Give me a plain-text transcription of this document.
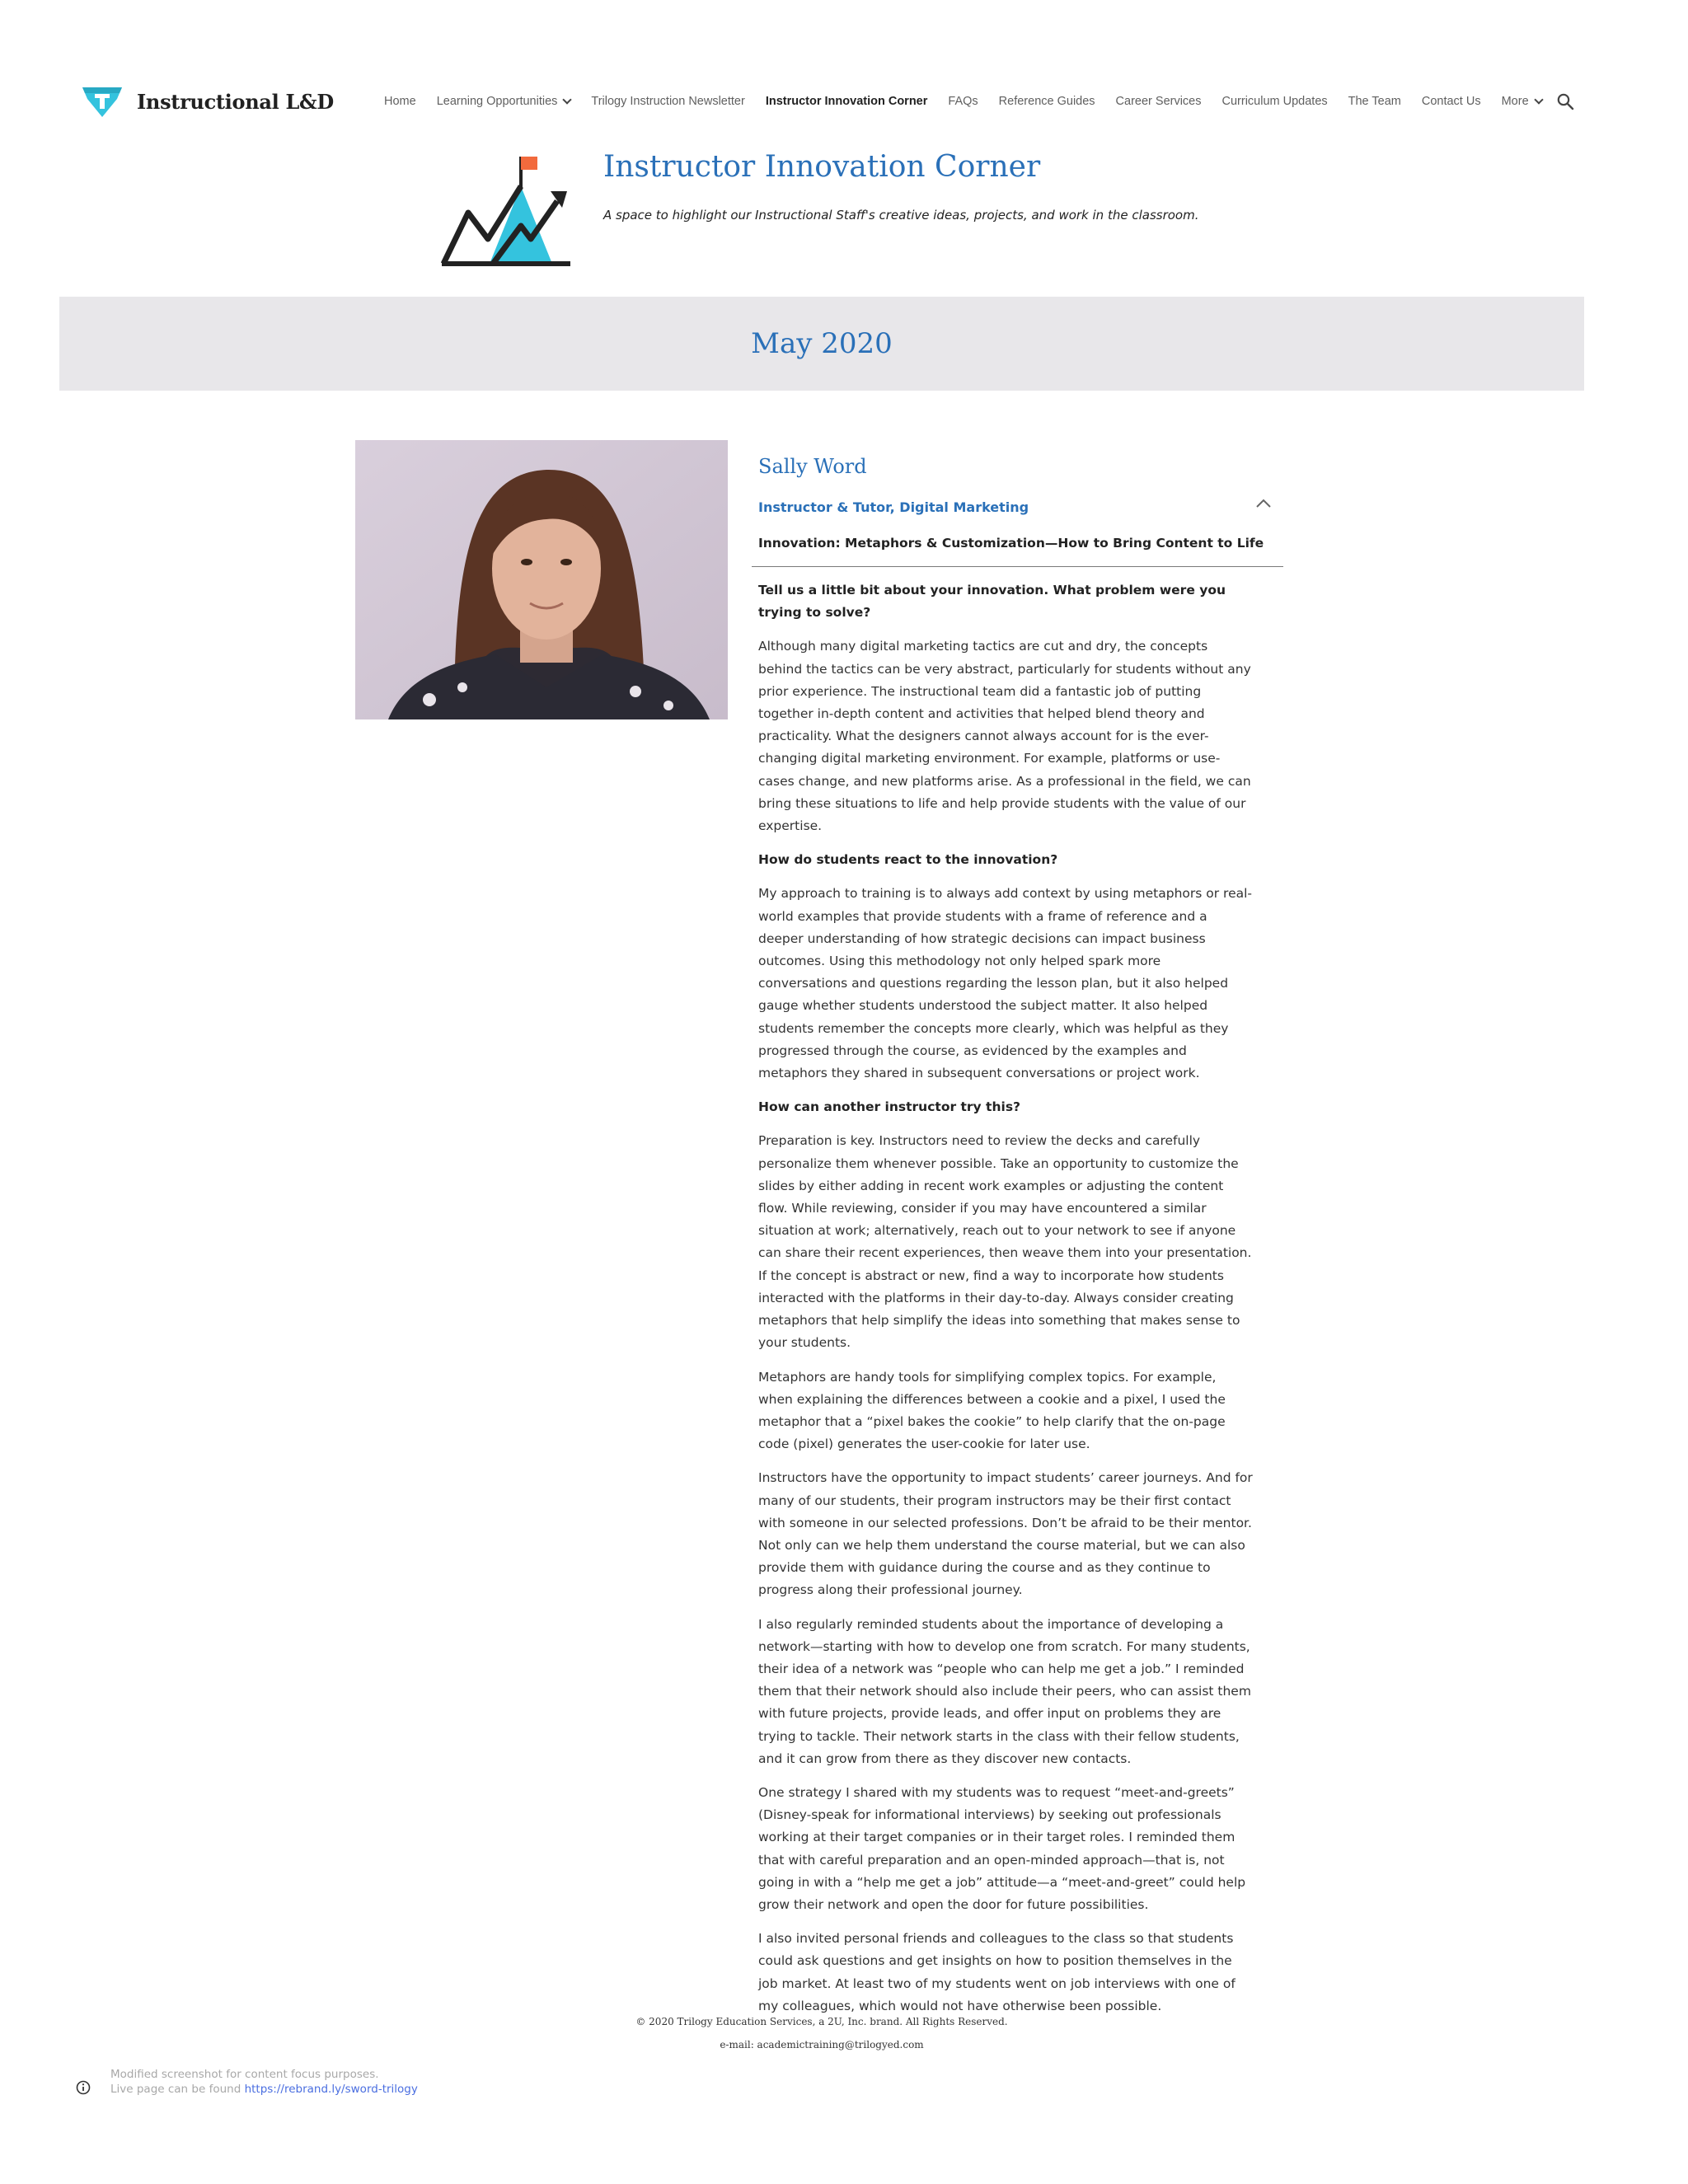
Instructional L&D	Home Learning Opportunities	Trilogy Instruction Newsletter Instructor Innovation Corner FAQs Reference Guides Career Services Curriculum Updates The Team Contact Us More
Instructor Innovation Corner
A space to highlight our Instructional Staff's creative ideas, projects, and work in the classroom.
May 2020
Sally Word
Instructor & Tutor, Digital Marketing
Innovation: Metaphors & Customization—How to Bring Content to Life
Tell us a little bit about your innovation. What problem were you trying to solve?
Although many digital marketing tactics are cut and dry, the concepts behind the tactics can be very abstract, particularly for students without any prior experience. The instructional team did a fantastic job of putting together in-depth content and activities that helped blend theory and practicality. What the designers cannot always account for is the ever-changing digital marketing environment. For example, platforms or use-cases change, and new platforms arise. As a professional in the field, we can bring these situations to life and help provide students with the value of our expertise.
How do students react to the innovation?
My approach to training is to always add context by using metaphors or real-world examples that provide students with a frame of reference and a deeper understanding of how strategic decisions can impact business outcomes. Using this methodology not only helped spark more conversations and questions regarding the lesson plan, but it also helped gauge whether students understood the subject matter. It also helped students remember the concepts more clearly, which was helpful as they progressed through the course, as evidenced by the examples and metaphors they shared in subsequent conversations or project work.
How can another instructor try this?
Preparation is key. Instructors need to review the decks and carefully personalize them whenever possible. Take an opportunity to customize the slides by either adding in recent work examples or adjusting the content flow. While reviewing, consider if you may have encountered a similar situation at work; alternatively, reach out to your network to see if anyone can share their recent experiences, then weave them into your presentation. If the concept is abstract or new, find a way to incorporate how students interacted with the platforms in their day-to-day. Always consider creating metaphors that help simplify the ideas into something that makes sense to your students.
Metaphors are handy tools for simplifying complex topics. For example, when explaining the differences between a cookie and a pixel, I used the metaphor that a “pixel bakes the cookie” to help clarify that the on-page code (pixel) generates the user-cookie for later use.
Instructors have the opportunity to impact students’ career journeys. And for many of our students, their program instructors may be their first contact with someone in our selected professions. Don’t be afraid to be their mentor. Not only can we help them understand the course material, but we can also provide them with guidance during the course and as they continue to progress along their professional journey.
I also regularly reminded students about the importance of developing a network—starting with how to develop one from scratch. For many students, their idea of a network was “people who can help me get a job.” I reminded them that their network should also include their peers, who can assist them with future projects, provide leads, and offer input on problems they are trying to tackle. Their network starts in the class with their fellow students, and it can grow from there as they discover new contacts.
One strategy I shared with my students was to request “meet-and-greets” (Disney-speak for informational interviews) by seeking out professionals working at their target companies or in their target roles. I reminded them that with careful preparation and an open-minded approach—that is, not going in with a “help me get a job” attitude—a “meet-and-greet” could help grow their network and open the door for future possibilities.
I also invited personal friends and colleagues to the class so that students could ask questions and get insights on how to position themselves in the job market. At least two of my students went on job interviews with one of my colleagues, which would not have otherwise been possible.
© 2020 Trilogy Education Services, a 2U, Inc. brand. All Rights Reserved.
e-mail: academictraining@trilogyed.com
Modified screenshot for content focus purposes.
Live page can be found https://rebrand.ly/sword-trilogy
